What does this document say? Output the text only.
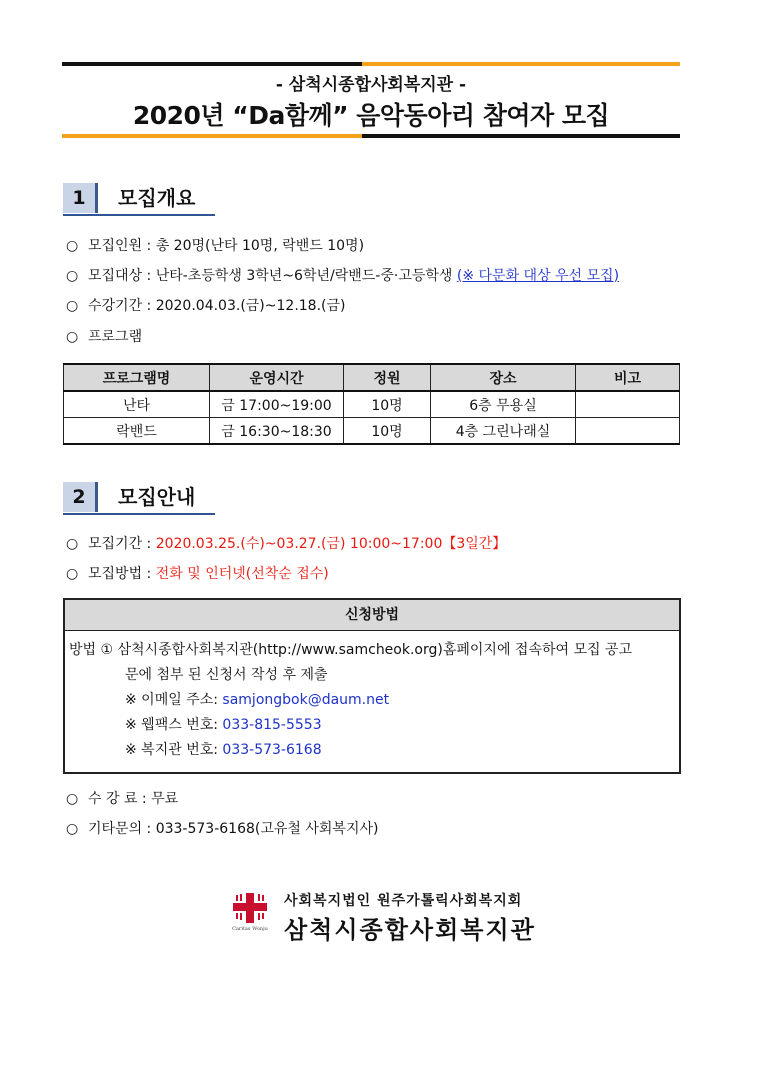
- 삼척시종합사회복지관 -
2020년 “Da함께” 음악동아리 참여자 모집
1	모집개요
○ 모집인원 : 총 20명(난타 10명, 락밴드 10명)
○ 모집대상 : 난타-초등학생 3학년~6학년/락밴드-중·고등학생 (※ 다문화 대상 우선 모집)
○ 수강기간 : 2020.04.03.(금)~12.18.(금)
○ 프로그램
프로그램명	운영시간	정원	장소	비고
난타	금 17:00~19:00	10명	6층 무용실	
락밴드	금 16:30~18:30	10명	4층 그린나래실	
2	모집안내
○ 모집기간 : 2020.03.25.(수)~03.27.(금) 10:00~17:00【3일간】
○ 모집방법 : 전화 및 인터넷(선착순 접수)
신청방법
방법 ① 삼척시종합사회복지관(http://www.samcheok.org)홈페이지에 접속하여 모집 공고
문에 첨부 된 신청서 작성 후 제출
※ 이메일 주소: samjongbok@daum.net
※ 웹팩스 번호: 033-815-5553
※ 복지관 번호: 033-573-6168
○ 수 강 료 : 무료
○ 기타문의 : 033-573-6168(고유철 사회복지사)
Caritas Wonju
사회복지법인 원주가톨릭사회복지회
삼척시종합사회복지관
